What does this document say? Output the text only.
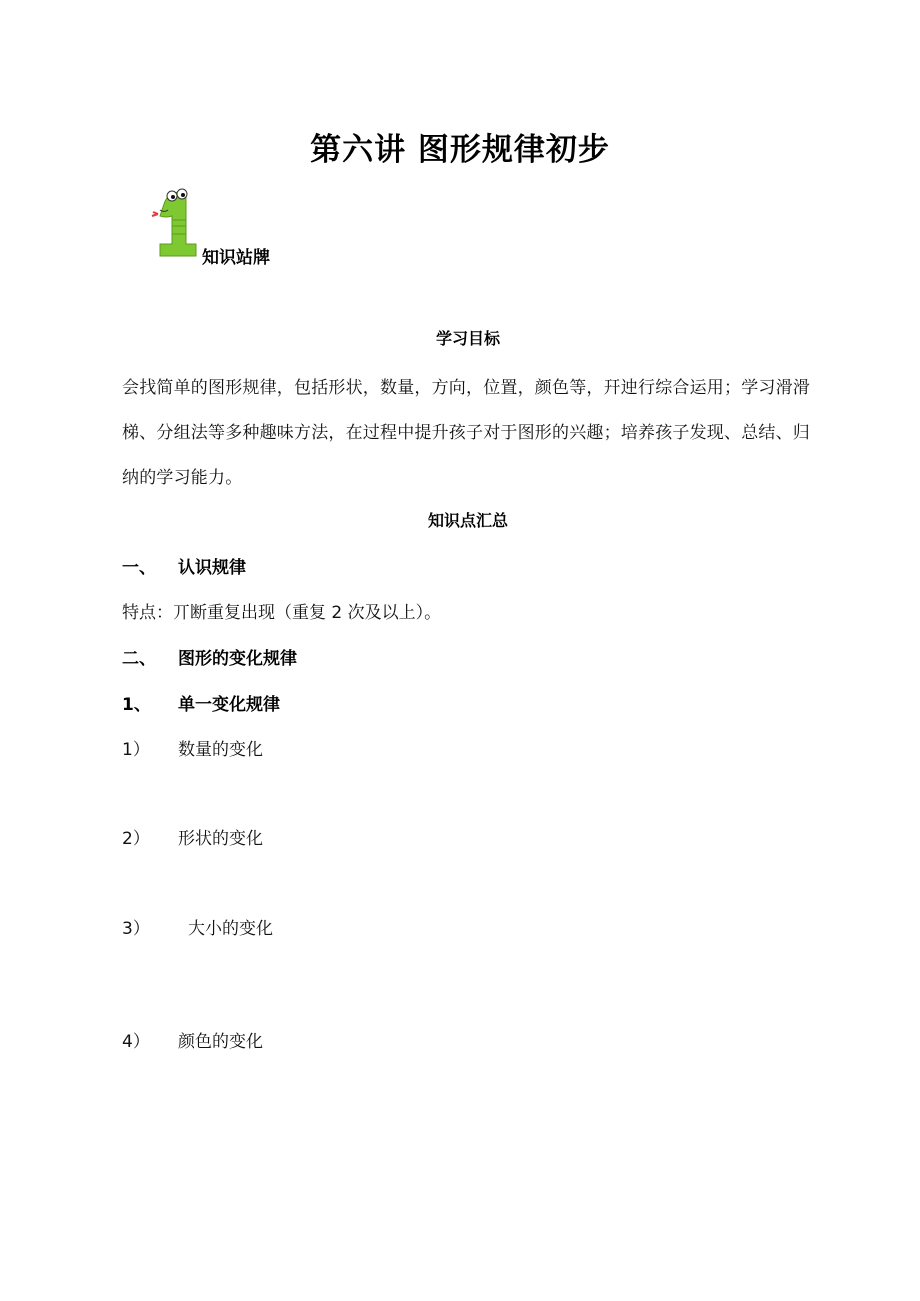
第六讲 图形规律初步
知识站牌
学习目标
会找简单的图形规律，包括形状，数量，方向，位置，颜色等，幵迚行综合运用；学习滑滑梯、分组法等多种趣味方法，在过程中提升孩子对于图形的兴趣；培养孩子发现、总结、归纳的学习能力。
知识点汇总
一、 认识规律
特点：丌断重复出现（重复 2 次及以上）。
二、 图形的变化规律
1、 单一变化规律
1） 数量的变化
2） 形状的变化
3） 大小的变化
4） 颜色的变化
